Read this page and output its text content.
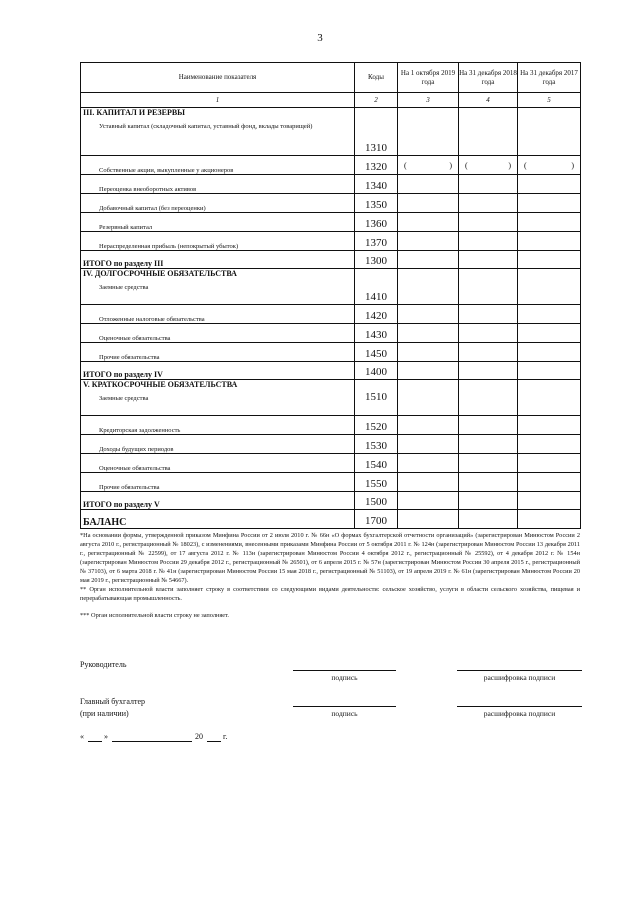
3
Наименование показателя	Коды	На 1 октября 2019 года	На 31 декабря 2018 года	На 31 декабря 2017 года
1	2	3	4	5

III. КАПИТАЛ И РЕЗЕРВЫ
Уставный капитал (складочный капитал, уставный фонд, вклады товарищей)	1310			
Собственные акции, выкупленные у акционеров	1320	( )	( )	( )

Переоценка внеоборотных активов	1340			
Добавочный капитал (без переоценки)	1350			
Резервный капитал	1360			
Нераспределенная прибыль (непокрытый убыток)	1370			
ИТОГО по разделу III	1300			

IV. ДОЛГОСРОЧНЫЕ ОБЯЗАТЕЛЬСТВА
Заемные средства	1410			
Отложенные налоговые обязательства	1420			
Оценочные обязательства	1430			
Прочие обязательства	1450			
ИТОГО по разделу IV	1400			

V. КРАТКОСРОЧНЫЕ ОБЯЗАТЕЛЬСТВА
Заемные средства	1510			
Кредиторская задолженность	1520			
Доходы будущих периодов	1530			
Оценочные обязательства	1540			
Прочие обязательства	1550			
ИТОГО по разделу V	1500			
БАЛАНС	1700			

*На основании формы, утвержденной приказом Минфина России от 2 июля 2010 г. № 66н «О формах бухгалтерской отчетности организаций» (зарегистрирован Минюстом России 2 августа 2010 г., регистрационный № 18023), с изменениями, внесенными приказами Минфина России от 5 октября 2011 г. № 124н (зарегистрирован Минюстом России 13 декабря 2011 г., регистрационный № 22599), от 17 августа 2012 г. № 113н (зарегистрирован Минюстом России 4 октября 2012 г., регистрационный № 25592), от 4 декабря 2012 г. № 154н (зарегистрирован Минюстом России 29 декабря 2012 г., регистрационный № 26501), от 6 апреля 2015 г. № 57н (зарегистрирован Минюстом России 30 апреля 2015 г., регистрационный № 37103), от 6 марта 2018 г. № 41н (зарегистрирован Минюстом России 15 мая 2018 г., регистрационный № 51103), от 19 апреля 2019 г. № 61н (зарегистрирован Минюстом России 20 мая 2019 г., регистрационный № 54667).

** Орган исполнительной власти заполняет строку в соответствии со следующими видами деятельности: сельское хозяйство, услуги в области сельского хозяйства, пищевая и перерабатывающая промышленность.

*** Орган исполнительной власти строку не заполняет.

Руководитель
подпись	расшифровка подписи
Главный бухгалтер
(при наличии)	подпись	расшифровка подписи
«	»	20	г.
